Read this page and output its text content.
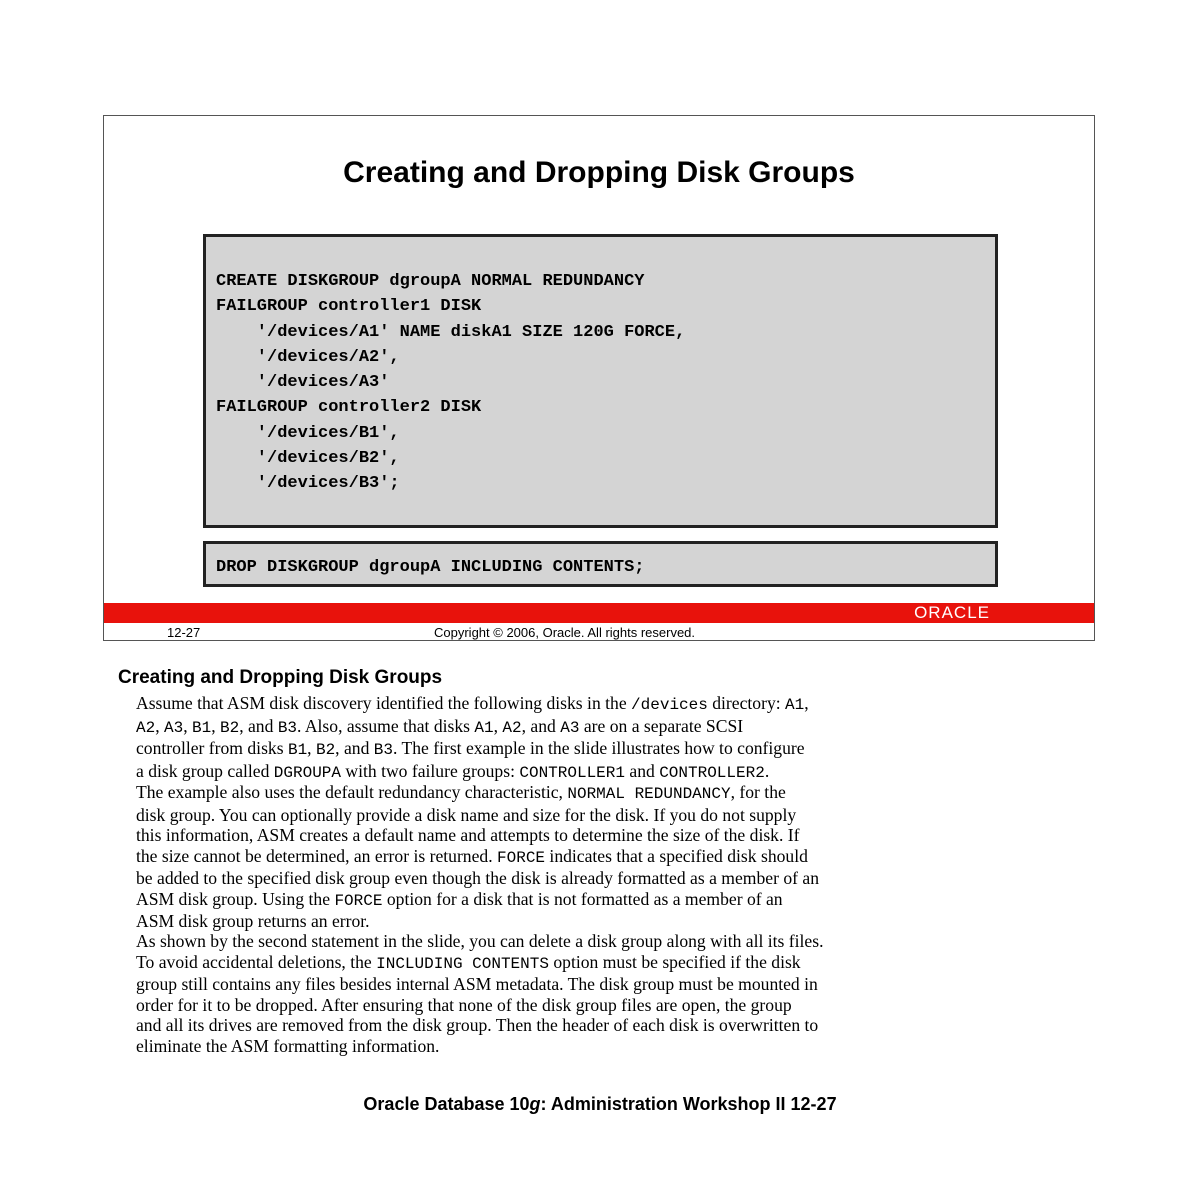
Creating and Dropping Disk Groups
CREATE DISKGROUP dgroupA NORMAL REDUNDANCY
FAILGROUP controller1 DISK
'/devices/A1' NAME diskA1 SIZE 120G FORCE,
'/devices/A2',
'/devices/A3'
FAILGROUP controller2 DISK
'/devices/B1',
'/devices/B2',
'/devices/B3';
DROP DISKGROUP dgroupA INCLUDING CONTENTS;
ORACLE
12-27	Copyright © 2006, Oracle. All rights reserved.
Creating and Dropping Disk Groups
Assume that ASM disk discovery identified the following disks in the /devices directory: A1,
A2, A3, B1, B2, and B3. Also, assume that disks A1, A2, and A3 are on a separate SCSI
controller from disks B1, B2, and B3. The first example in the slide illustrates how to configure
a disk group called DGROUPA with two failure groups: CONTROLLER1 and CONTROLLER2.
The example also uses the default redundancy characteristic, NORMAL REDUNDANCY, for the
disk group. You can optionally provide a disk name and size for the disk. If you do not supply
this information, ASM creates a default name and attempts to determine the size of the disk. If
the size cannot be determined, an error is returned. FORCE indicates that a specified disk should
be added to the specified disk group even though the disk is already formatted as a member of an
ASM disk group. Using the FORCE option for a disk that is not formatted as a member of an
ASM disk group returns an error.
As shown by the second statement in the slide, you can delete a disk group along with all its files.
To avoid accidental deletions, the INCLUDING CONTENTS option must be specified if the disk
group still contains any files besides internal ASM metadata. The disk group must be mounted in
order for it to be dropped. After ensuring that none of the disk group files are open, the group
and all its drives are removed from the disk group. Then the header of each disk is overwritten to
eliminate the ASM formatting information.
Oracle Database 10g: Administration Workshop II 12-27
